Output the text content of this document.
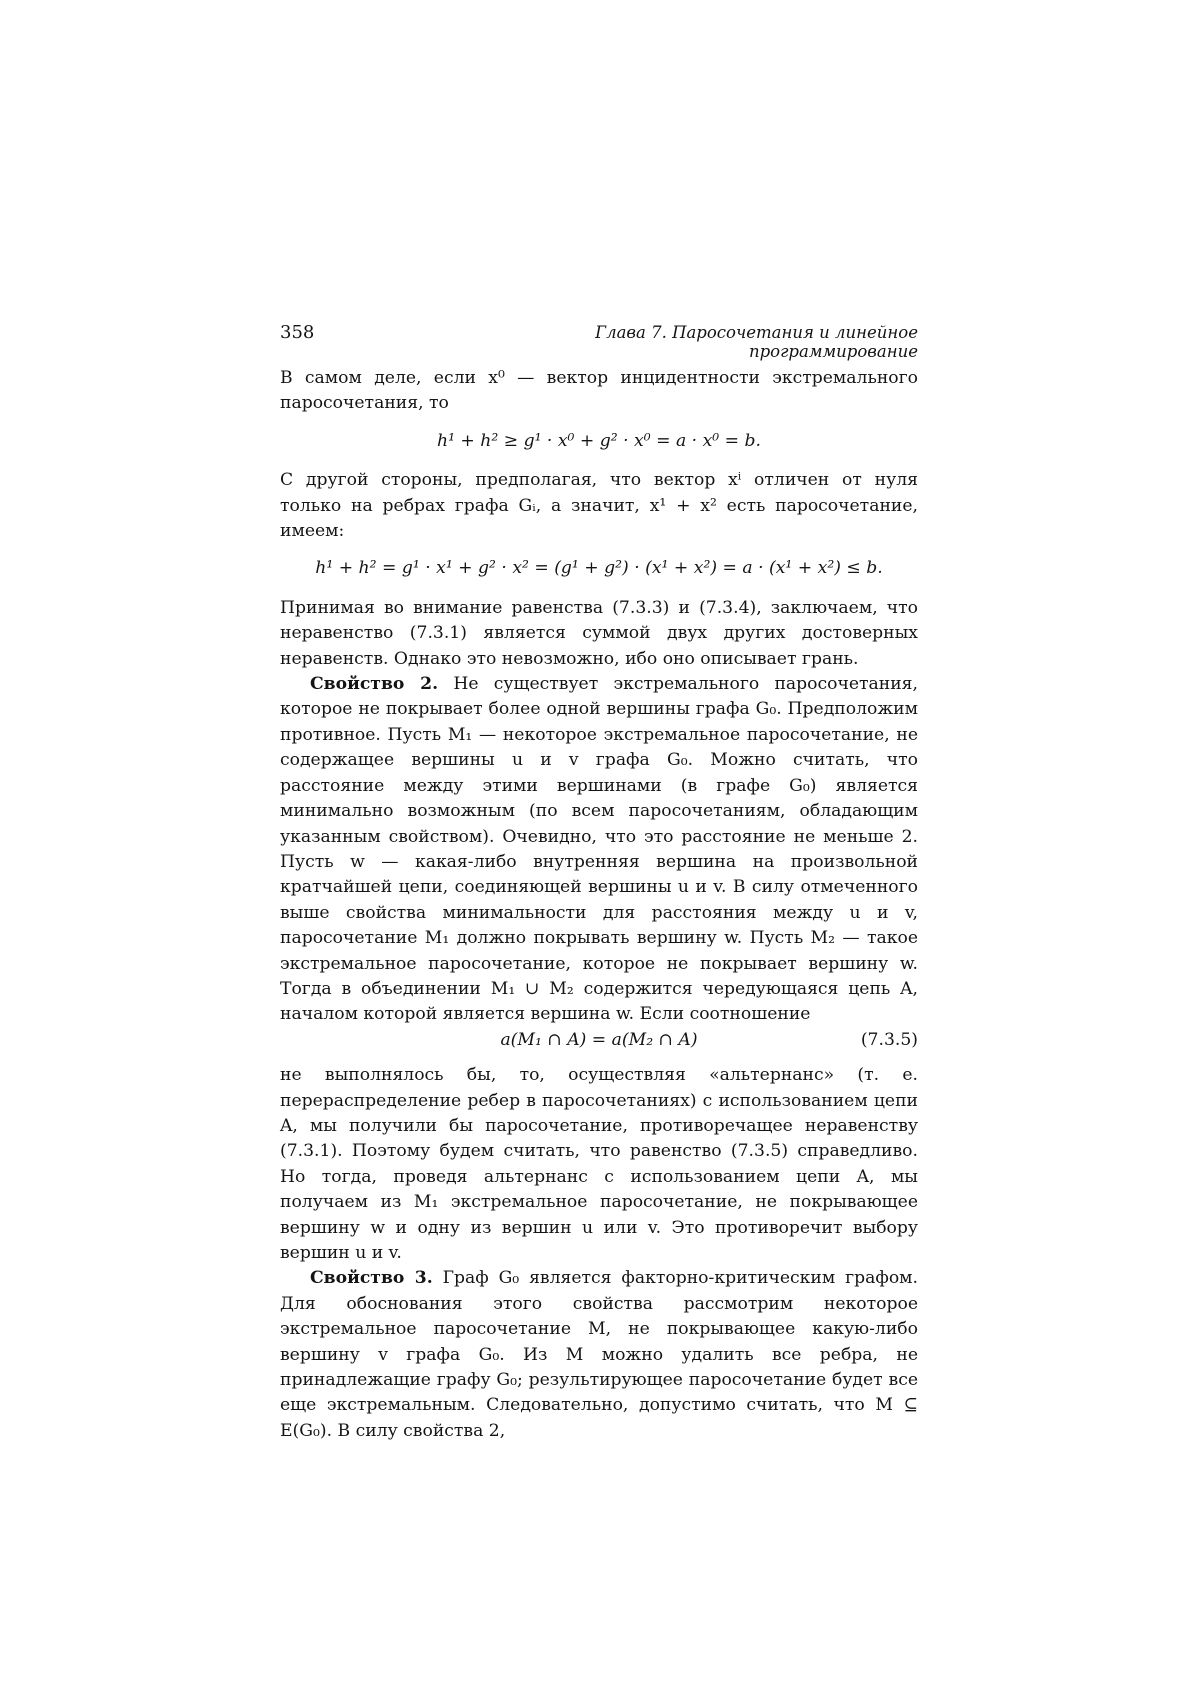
358	Глава 7. Паросочетания и линейное программирование

В самом деле, если x⁰ — вектор инцидентности экстремального паросочетания, то

h¹ + h² ≥ g¹ · x⁰ + g² · x⁰ = a · x⁰ = b.

С другой стороны, предполагая, что вектор xⁱ отличен от нуля только на ребрах графа Gᵢ, а значит, x¹ + x² есть паросочетание, имеем:

h¹ + h² = g¹ · x¹ + g² · x² = (g¹ + g²) · (x¹ + x²) = a · (x¹ + x²) ≤ b.

Принимая во внимание равенства (7.3.3) и (7.3.4), заключаем, что неравенство (7.3.1) является суммой двух других достоверных неравенств. Однако это невозможно, ибо оно описывает грань.

Свойство 2. Не существует экстремального паросочетания, которое не покрывает более одной вершины графа G₀. Предположим противное. Пусть M₁ — некоторое экстремальное паросочетание, не содержащее вершины u и v графа G₀. Можно считать, что расстояние между этими вершинами (в графе G₀) является минимально возможным (по всем паросочетаниям, обладающим указанным свойством). Очевидно, что это расстояние не меньше 2. Пусть w — какая-либо внутренняя вершина на произвольной кратчайшей цепи, соединяющей вершины u и v. В силу отмеченного выше свойства минимальности для расстояния между u и v, паросочетание M₁ должно покрывать вершину w. Пусть M₂ — такое экстремальное паросочетание, которое не покрывает вершину w. Тогда в объединении M₁ ∪ M₂ содержится чередующаяся цепь A, началом которой является вершина w. Если соотношение

a(M₁ ∩ A) = a(M₂ ∩ A)	(7.3.5)

не выполнялось бы, то, осуществляя «альтернанс» (т. е. перераспределение ребер в паросочетаниях) с использованием цепи A, мы получили бы паросочетание, противоречащее неравенству (7.3.1). Поэтому будем считать, что равенство (7.3.5) справедливо. Но тогда, проведя альтернанс с использованием цепи A, мы получаем из M₁ экстремальное паросочетание, не покрывающее вершину w и одну из вершин u или v. Это противоречит выбору вершин u и v.

Свойство 3. Граф G₀ является факторно-критическим графом. Для обоснования этого свойства рассмотрим некоторое экстремальное паросочетание M, не покрывающее какую-либо вершину v графа G₀. Из M можно удалить все ребра, не принадлежащие графу G₀; результирующее паросочетание будет все еще экстремальным. Следовательно, допустимо считать, что M ⊆ E(G₀). В силу свойства 2,
